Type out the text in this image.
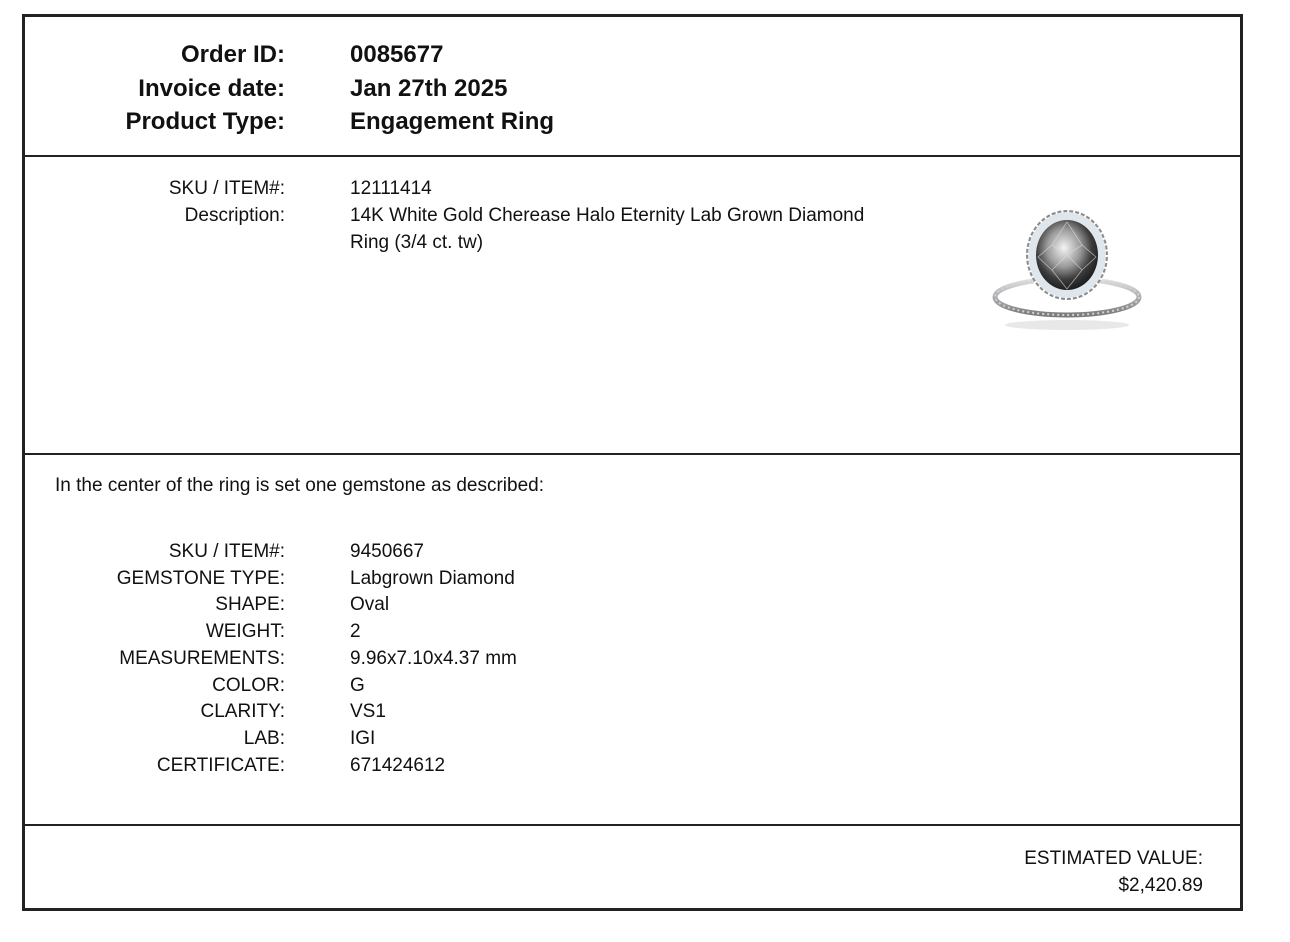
Order ID:	0085677
Invoice date:	Jan 27th 2025
Product Type:	Engagement Ring
SKU / ITEM#:	12111414
Description:	14K White Gold Cherease Halo Eternity Lab Grown Diamond Ring (3/4 ct. tw)
In the center of the ring is set one gemstone as described:
SKU / ITEM#:	9450667
GEMSTONE TYPE:	Labgrown Diamond
SHAPE:	Oval
WEIGHT:	2
MEASUREMENTS:	9.96x7.10x4.37 mm
COLOR:	G
CLARITY:	VS1
LAB:	IGI
CERTIFICATE:	671424612
ESTIMATED VALUE:
$2,420.89
